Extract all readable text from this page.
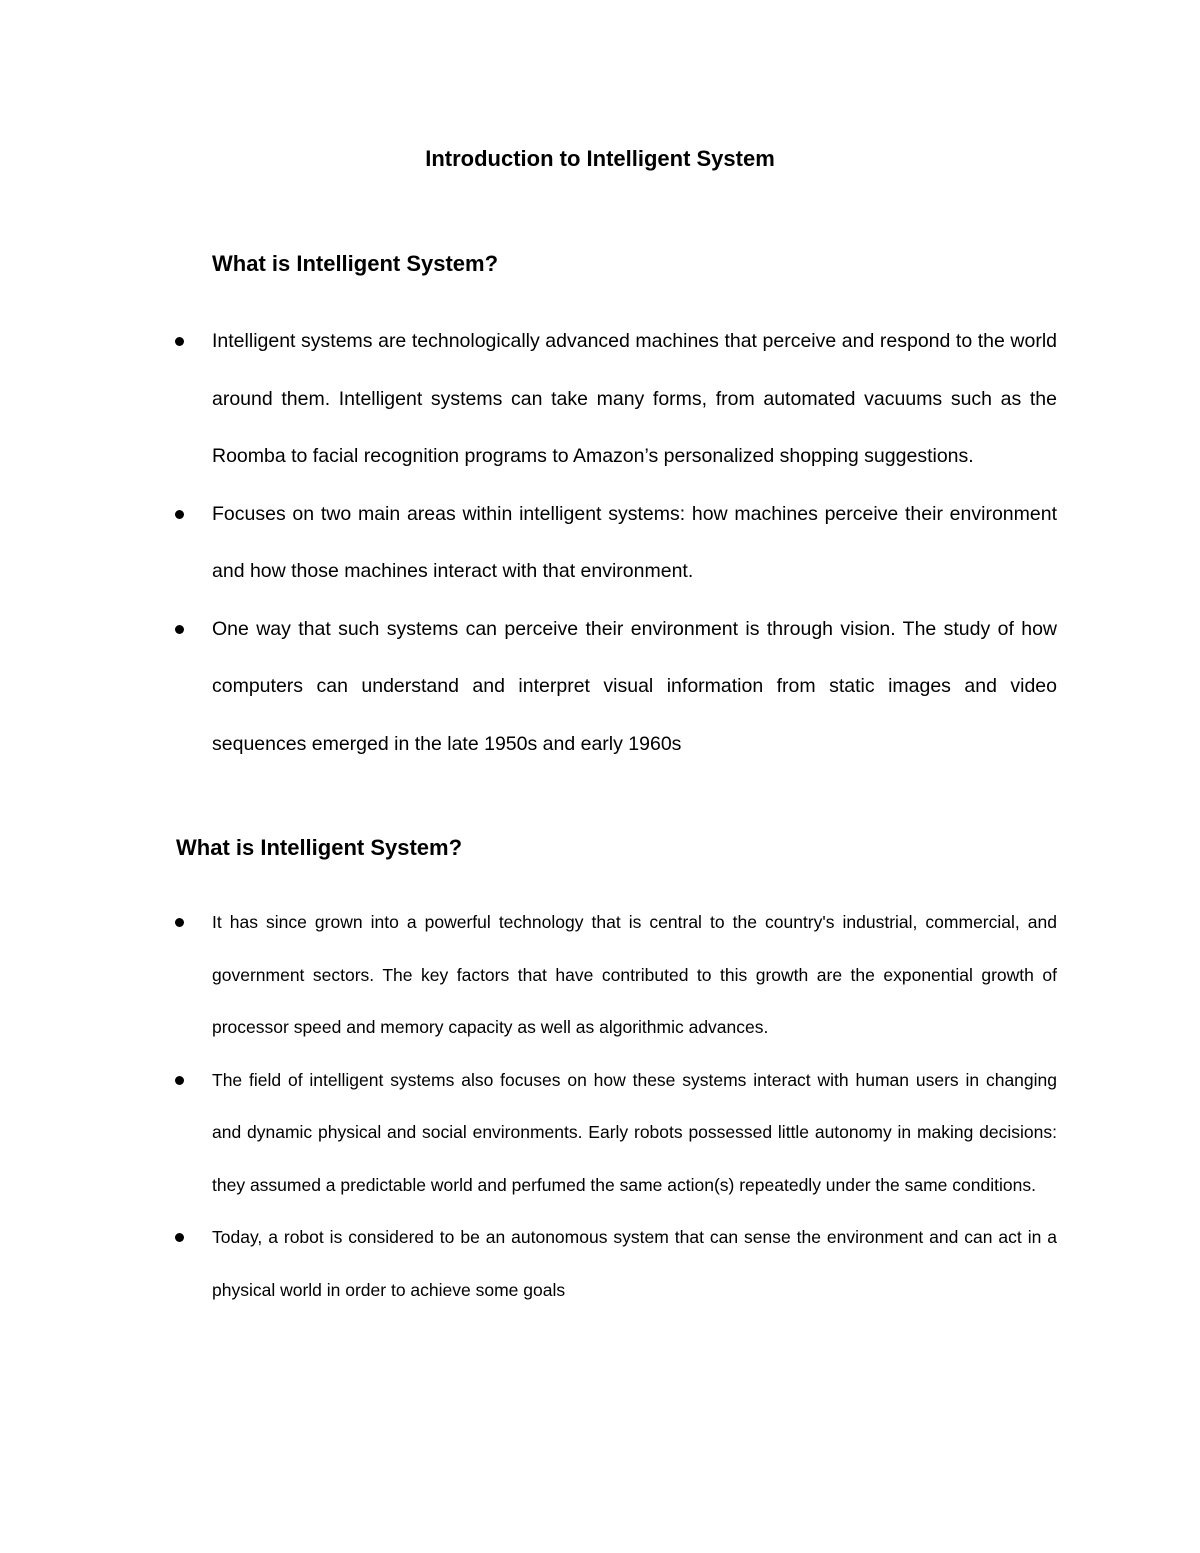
Introduction to Intelligent System
What is Intelligent System?
Intelligent systems are technologically advanced machines that perceive and respond to the world around them. Intelligent systems can take many forms, from automated vacuums such as the Roomba to facial recognition programs to Amazon’s personalized shopping suggestions.
Focuses on two main areas within intelligent systems: how machines perceive their environment and how those machines interact with that environment.
One way that such systems can perceive their environment is through vision. The study of how computers can understand and interpret visual information from static images and video sequences emerged in the late 1950s and early 1960s
What is Intelligent System?
It has since grown into a powerful technology that is central to the country's industrial, commercial, and government sectors. The key factors that have contributed to this growth are the exponential growth of processor speed and memory capacity as well as algorithmic advances.
The field of intelligent systems also focuses on how these systems interact with human users in changing and dynamic physical and social environments. Early robots possessed little autonomy in making decisions: they assumed a predictable world and perfumed the same action(s) repeatedly under the same conditions.
Today, a robot is considered to be an autonomous system that can sense the environment and can act in a physical world in order to achieve some goals
